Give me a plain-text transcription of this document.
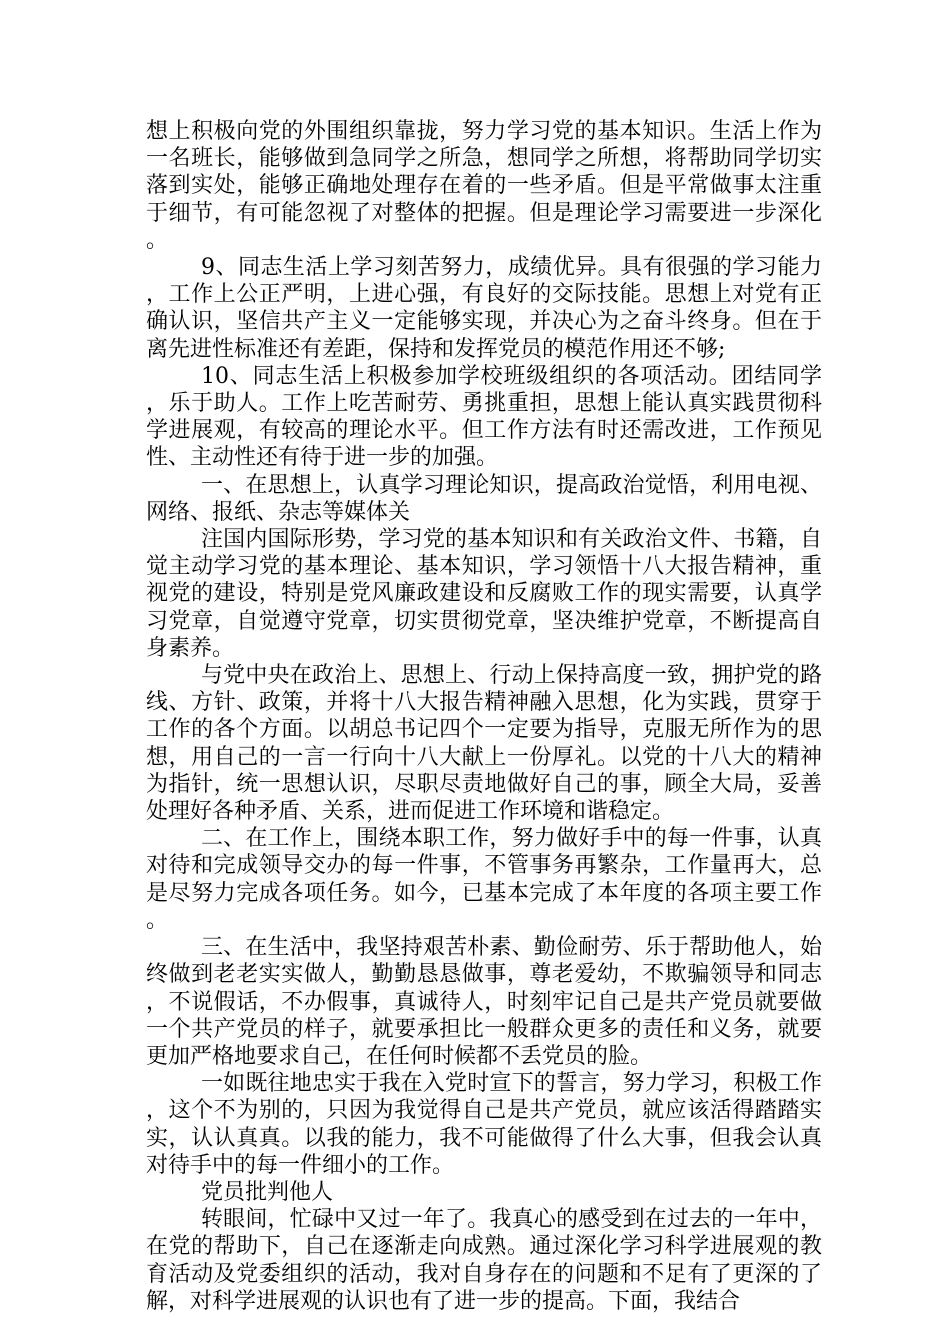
想上积极向党的外围组织靠拢，努力学习党的基本知识。生活上作为一名班长，能够做到急同学之所急，想同学之所想，将帮助同学切实落到实处，能够正确地处理存在着的一些矛盾。但是平常做事太注重于细节，有可能忽视了对整体的把握。但是理论学习需要进一步深化。

9、同志生活上学习刻苦努力，成绩优异。具有很强的学习能力，工作上公正严明，上进心强，有良好的交际技能。思想上对党有正确认识，坚信共产主义一定能够实现，并决心为之奋斗终身。但在于离先进性标准还有差距，保持和发挥党员的模范作用还不够;

10、同志生活上积极参加学校班级组织的各项活动。团结同学，乐于助人。工作上吃苦耐劳、勇挑重担，思想上能认真实践贯彻科学进展观，有较高的理论水平。但工作方法有时还需改进，工作预见性、主动性还有待于进一步的加强。

一、在思想上，认真学习理论知识，提高政治觉悟，利用电视、网络、报纸、杂志等媒体关

注国内国际形势，学习党的基本知识和有关政治文件、书籍，自觉主动学习党的基本理论、基本知识，学习领悟十八大报告精神，重视党的建设，特别是党风廉政建设和反腐败工作的现实需要，认真学习党章，自觉遵守党章，切实贯彻党章，坚决维护党章，不断提高自身素养。

与党中央在政治上、思想上、行动上保持高度一致，拥护党的路线、方针、政策，并将十八大报告精神融入思想，化为实践，贯穿于工作的各个方面。以胡总书记四个一定要为指导，克服无所作为的思想，用自己的一言一行向十八大献上一份厚礼。以党的十八大的精神为指针，统一思想认识，尽职尽责地做好自己的事，顾全大局，妥善处理好各种矛盾、关系，进而促进工作环境和谐稳定。

二、在工作上，围绕本职工作，努力做好手中的每一件事，认真对待和完成领导交办的每一件事，不管事务再繁杂，工作量再大，总是尽努力完成各项任务。如今，已基本完成了本年度的各项主要工作。

三、在生活中，我坚持艰苦朴素、勤俭耐劳、乐于帮助他人，始终做到老老实实做人，勤勤恳恳做事，尊老爱幼，不欺骗领导和同志，不说假话，不办假事，真诚待人，时刻牢记自己是共产党员就要做一个共产党员的样子，就要承担比一般群众更多的责任和义务，就要更加严格地要求自己，在任何时候都不丢党员的脸。

一如既往地忠实于我在入党时宣下的誓言，努力学习，积极工作，这个不为别的，只因为我觉得自己是共产党员，就应该活得踏踏实实，认认真真。以我的能力，我不可能做得了什么大事，但我会认真对待手中的每一件细小的工作。

党员批判他人

转眼间，忙碌中又过一年了。我真心的感受到在过去的一年中，在党的帮助下，自己在逐渐走向成熟。通过深化学习科学进展观的教育活动及党委组织的活动，我对自身存在的问题和不足有了更深的了解，对科学进展观的认识也有了进一步的提高。下面，我结合
